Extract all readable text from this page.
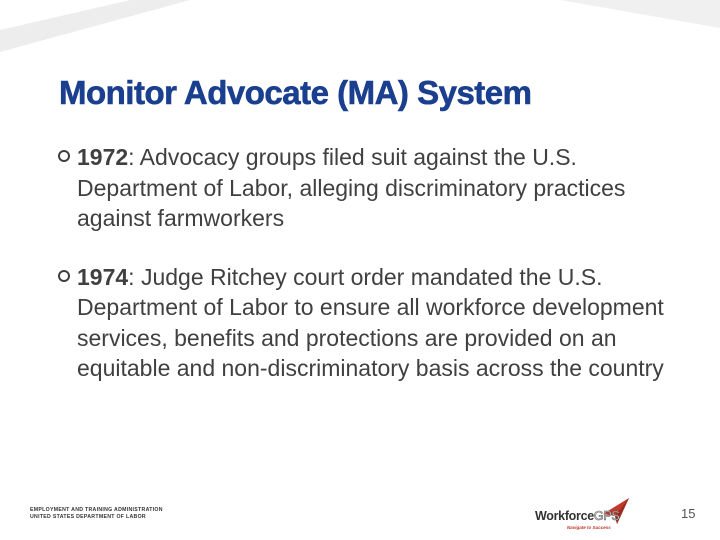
Monitor Advocate (MA) System

1972: Advocacy groups filed suit against the U.S. Department of Labor, alleging discriminatory practices against farmworkers

1974: Judge Ritchey court order mandated the U.S. Department of Labor to ensure all workforce development services, benefits and protections are provided on an equitable and non-discriminatory basis across the country

EMPLOYMENT AND TRAINING ADMINISTRATION
UNITED STATES DEPARTMENT OF LABOR	WorkforceGPS
Navigate to Success
15
